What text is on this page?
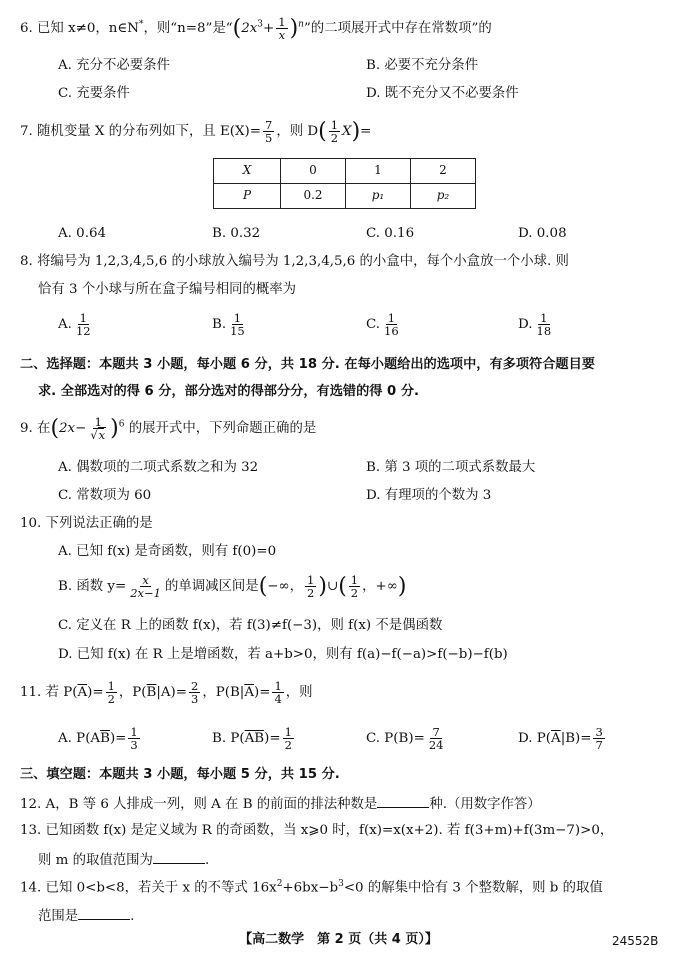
6. 已知 x≠0，n∈N*，则“n=8”是“$(2x^3+ \frac{1}{x} )^n$”的二项展开式中存在常数项”的
A. 充分不必要条件	B. 必要不充分条件
C. 充要条件	D. 既不充分又不必要条件
7. 随机变量 X 的分布列如下，且 $E(X)= \frac{7}{5}$ ，则 $D( \frac{1}{2} X)=$
X	0	1	2
P	0.2	p₁	p₂
A. 0.64	B. 0.32	C. 0.16	D. 0.08
8. 将编号为 1,2,3,4,5,6 的小球放入编号为 1,2,3,4,5,6 的小盒中，每个小盒放一个小球. 则
恰有 3 个小球与所在盒子编号相同的概率为
A. $\frac{1}{12}$	B. $\frac{1}{15}$	C. $\frac{1}{16}$	D. $\frac{1}{18}$
二、选择题：本题共 3 小题，每小题 6 分，共 18 分. 在每小题给出的选项中，有多项符合题目要
求. 全部选对的得 6 分，部分选对的得部分分，有选错的得 0 分.
9. 在$(2x- \frac{1}{√x} )^6$ 的展开式中，下列命题正确的是
A. 偶数项的二项式系数之和为 32	B. 第 3 项的二项式系数最大
C. 常数项为 60	D. 有理项的个数为 3
10. 下列说法正确的是
A. 已知 f(x) 是奇函数，则有 f(0)=0
B. 函数 $y= \frac{x}{2x-1}$ 的单调减区间是(−∞， $\frac{1}{2}$ )∪( $\frac{1}{2}$ ，+∞)
C. 定义在 R 上的函数 f(x)，若 f(3)≠f(−3)，则 f(x) 不是偶函数
D. 已知 f(x) 在 R 上是增函数，若 a+b>0，则有 f(a)−f(−a)>f(−b)−f(b)
11. 若 $P(\overline{A})= \frac{1}{2}$ ，$P(\overline{B}|A)= \frac{2}{3}$ ，$P(B|\overline{A})= \frac{1}{4}$ ，则
A. $P(A\overline{B})= \frac{1}{3}$	B. $P(\overline{AB})= \frac{1}{2}$	C. $P(B)= \frac{7}{24}$	D. $P(\overline{A}|B)= \frac{3}{7}$
三、填空题：本题共 3 小题，每小题 5 分，共 15 分.
12. A，B 等 6 人排成一列，则 A 在 B 的前面的排法种数是	种.（用数字作答）
13. 已知函数 f(x) 是定义域为 R 的奇函数，当 x⩾0 时，f(x)=x(x+2). 若 f(3+m)+f(3m−7)>0，
则 m 的取值范围为	.
14. 已知 0<b<8，若关于 x 的不等式 $16x^2+6bx-b^3<0$ 的解集中恰有 3 个整数解，则 b 的取值
范围是	.
【高二数学　第 2 页（共 4 页）】	24552B
